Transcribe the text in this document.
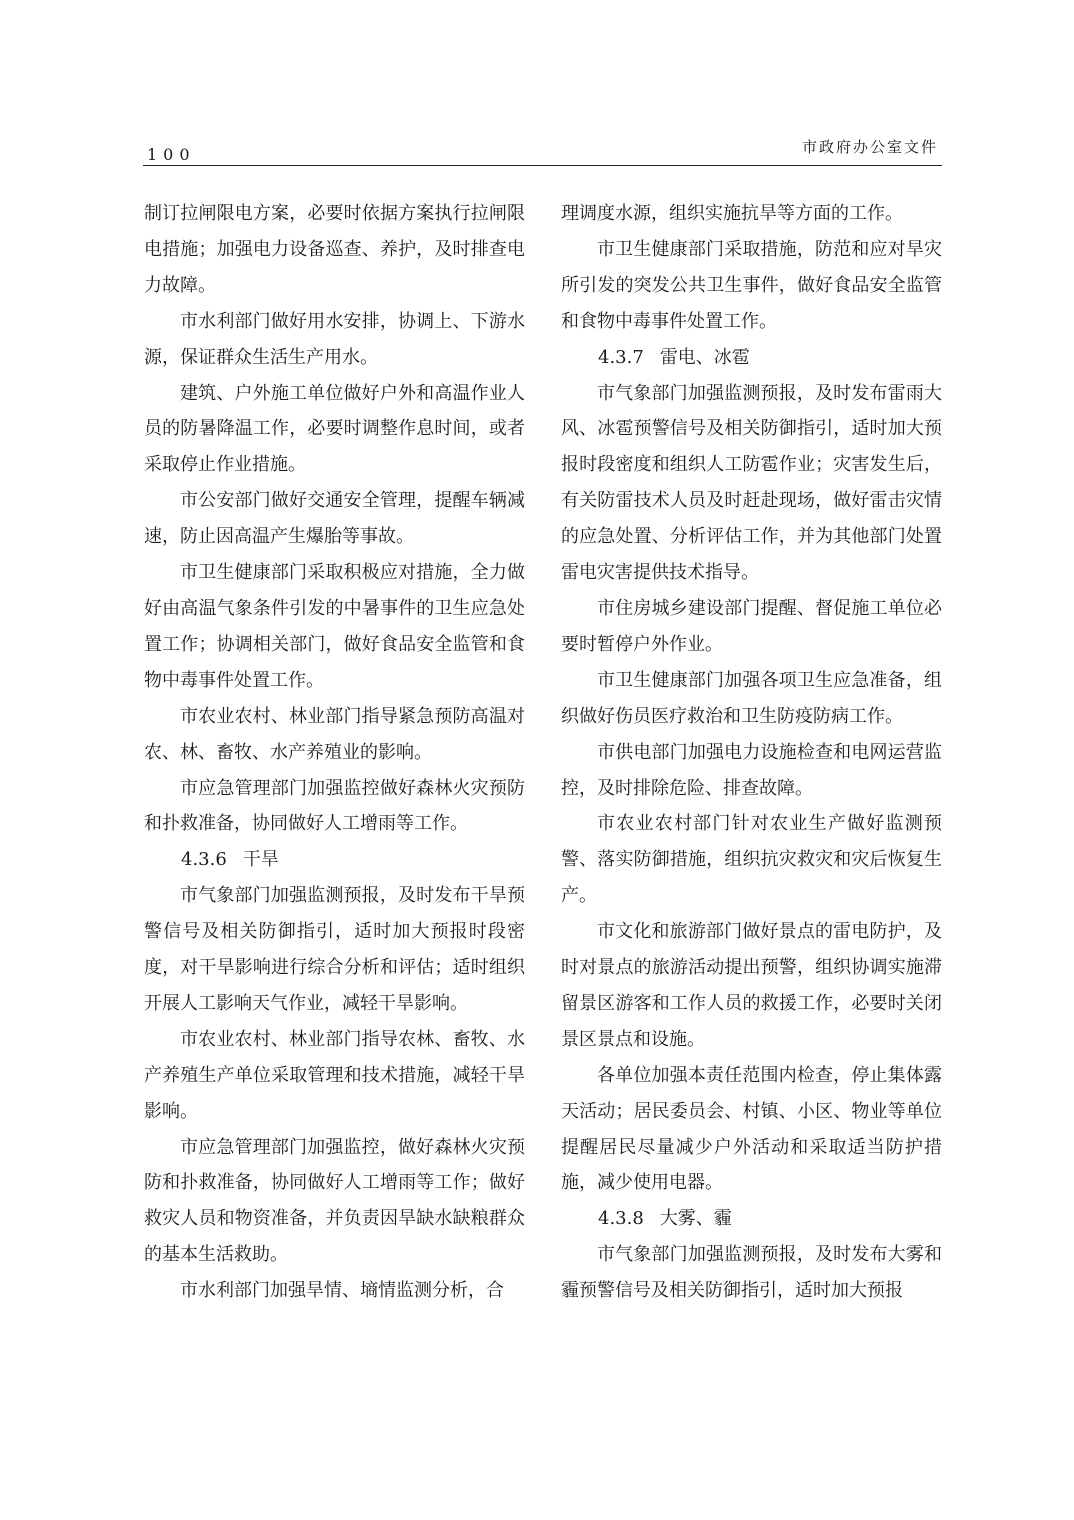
100	市政府办公室文件

制订拉闸限电方案，必要时依据方案执行拉闸限电措施；加强电力设备巡查、养护，及时排查电力故障。

市水利部门做好用水安排，协调上、下游水源，保证群众生活生产用水。

建筑、户外施工单位做好户外和高温作业人员的防暑降温工作，必要时调整作息时间，或者采取停止作业措施。

市公安部门做好交通安全管理，提醒车辆减速，防止因高温产生爆胎等事故。

市卫生健康部门采取积极应对措施，全力做好由高温气象条件引发的中暑事件的卫生应急处置工作；协调相关部门，做好食品安全监管和食物中毒事件处置工作。

市农业农村、林业部门指导紧急预防高温对农、林、畜牧、水产养殖业的影响。

市应急管理部门加强监控做好森林火灾预防和扑救准备，协同做好人工增雨等工作。

4.3.6 干旱

市气象部门加强监测预报，及时发布干旱预警信号及相关防御指引，适时加大预报时段密度，对干旱影响进行综合分析和评估；适时组织开展人工影响天气作业，减轻干旱影响。

市农业农村、林业部门指导农林、畜牧、水产养殖生产单位采取管理和技术措施，减轻干旱影响。

市应急管理部门加强监控，做好森林火灾预防和扑救准备，协同做好人工增雨等工作；做好救灾人员和物资准备，并负责因旱缺水缺粮群众的基本生活救助。

市水利部门加强旱情、墒情监测分析，合

理调度水源，组织实施抗旱等方面的工作。

市卫生健康部门采取措施，防范和应对旱灾所引发的突发公共卫生事件，做好食品安全监管和食物中毒事件处置工作。

4.3.7 雷电、冰雹

市气象部门加强监测预报，及时发布雷雨大风、冰雹预警信号及相关防御指引，适时加大预报时段密度和组织人工防雹作业；灾害发生后，有关防雷技术人员及时赶赴现场，做好雷击灾情的应急处置、分析评估工作，并为其他部门处置雷电灾害提供技术指导。

市住房城乡建设部门提醒、督促施工单位必要时暂停户外作业。

市卫生健康部门加强各项卫生应急准备，组织做好伤员医疗救治和卫生防疫防病工作。

市供电部门加强电力设施检查和电网运营监控，及时排除危险、排查故障。

市农业农村部门针对农业生产做好监测预警、落实防御措施，组织抗灾救灾和灾后恢复生产。

市文化和旅游部门做好景点的雷电防护，及时对景点的旅游活动提出预警，组织协调实施滞留景区游客和工作人员的救援工作，必要时关闭景区景点和设施。

各单位加强本责任范围内检查，停止集体露天活动；居民委员会、村镇、小区、物业等单位提醒居民尽量减少户外活动和采取适当防护措施，减少使用电器。

4.3.8 大雾、霾

市气象部门加强监测预报，及时发布大雾和霾预警信号及相关防御指引，适时加大预报
